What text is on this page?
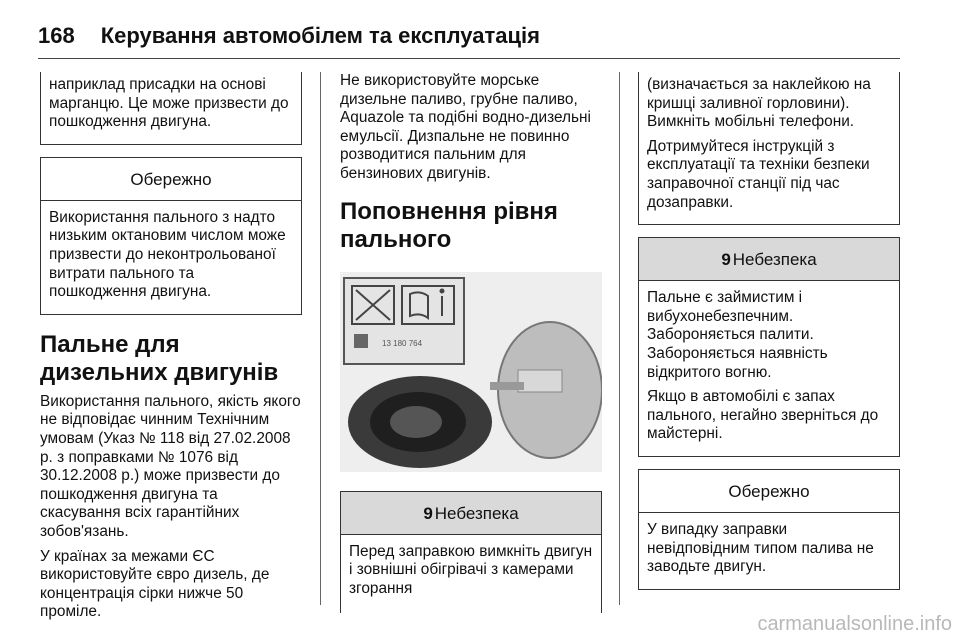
168 Керування автомобілем та експлуатація

наприклад присадки на основі марганцю. Це може призвести до пошкодження двигуна.

Обережно

Використання пального з надто низьким октановим числом може призвести до неконтрольованої витрати пального та пошкодження двигуна.

Пальне для дизельних двигунів

Використання пального, якість якого не відповідає чинним Технічним умовам (Указ № 118 від 27.02.2008 р. з поправками № 1076 від 30.12.2008 р.) може призвести до пошкодження двигуна та скасування всіх гарантійних зобов'язань.

У країнах за межами ЄС використовуйте євро дизель, де концентрація сірки нижче 50 проміле.

Не використовуйте морське дизельне паливо, грубне паливо, Aquazole та подібні водно-дизельні емульсії. Дизпальне не повинно розводитися пальним для бензинових двигунів.

Поповнення рівня пального
13 180 764
9 Небезпека

Перед заправкою вимкніть двигун і зовнішні обігрівачі з камерами згорання

(визначається за наклейкою на кришці заливної горловини). Вимкніть мобільні телефони.

Дотримуйтеся інструкцій з експлуатації та техніки безпеки заправочної станції під час дозаправки.

9 Небезпека

Пальне є займистим і вибухонебезпечним. Забороняється палити. Забороняється наявність відкритого вогню.

Якщо в автомобілі є запах пального, негайно зверніться до майстерні.

Обережно

У випадку заправки невідповідним типом палива не заводьте двигун.

carmanualsonline.info
